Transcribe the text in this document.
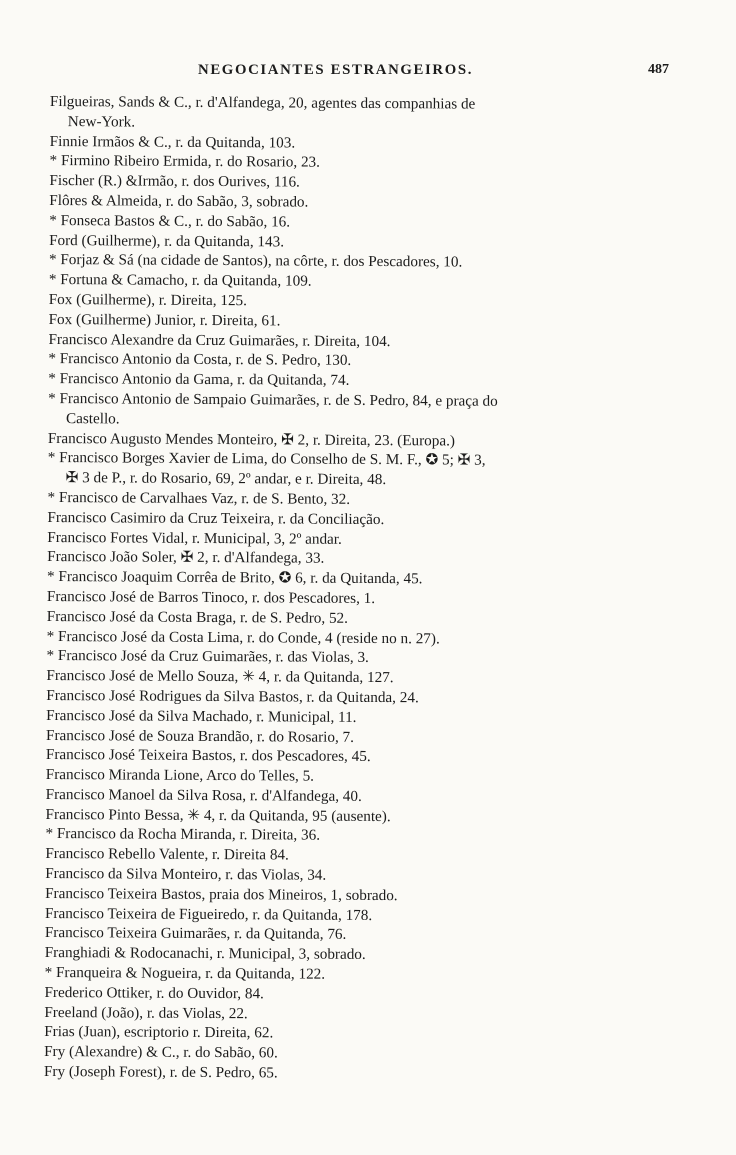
NEGOCIANTES ESTRANGEIROS.	487
Filgueiras, Sands & C., r. d'Alfandega, 20, agentes das companhias de
New-York.
Finnie Irmãos & C., r. da Quitanda, 103.
* Firmino Ribeiro Ermida, r. do Rosario, 23.
Fischer (R.) &Irmão, r. dos Ourives, 116.
Flôres & Almeida, r. do Sabão, 3, sobrado.
* Fonseca Bastos & C., r. do Sabão, 16.
Ford (Guilherme), r. da Quitanda, 143.
* Forjaz & Sá (na cidade de Santos), na côrte, r. dos Pescadores, 10.
* Fortuna & Camacho, r. da Quitanda, 109.
Fox (Guilherme), r. Direita, 125.
Fox (Guilherme) Junior, r. Direita, 61.
Francisco Alexandre da Cruz Guimarães, r. Direita, 104.
* Francisco Antonio da Costa, r. de S. Pedro, 130.
* Francisco Antonio da Gama, r. da Quitanda, 74.
* Francisco Antonio de Sampaio Guimarães, r. de S. Pedro, 84, e praça do
Castello.
Francisco Augusto Mendes Monteiro, ✠ 2, r. Direita, 23. (Europa.)
* Francisco Borges Xavier de Lima, do Conselho de S. M. F., ✪ 5; ✠ 3,
✠ 3 de P., r. do Rosario, 69, 2º andar, e r. Direita, 48.
* Francisco de Carvalhaes Vaz, r. de S. Bento, 32.
Francisco Casimiro da Cruz Teixeira, r. da Conciliação.
Francisco Fortes Vidal, r. Municipal, 3, 2º andar.
Francisco João Soler, ✠ 2, r. d'Alfandega, 33.
* Francisco Joaquim Corrêa de Brito, ✪ 6, r. da Quitanda, 45.
Francisco José de Barros Tinoco, r. dos Pescadores, 1.
Francisco José da Costa Braga, r. de S. Pedro, 52.
* Francisco José da Costa Lima, r. do Conde, 4 (reside no n. 27).
* Francisco José da Cruz Guimarães, r. das Violas, 3.
Francisco José de Mello Souza, ✳ 4, r. da Quitanda, 127.
Francisco José Rodrigues da Silva Bastos, r. da Quitanda, 24.
Francisco José da Silva Machado, r. Municipal, 11.
Francisco José de Souza Brandão, r. do Rosario, 7.
Francisco José Teixeira Bastos, r. dos Pescadores, 45.
Francisco Miranda Lione, Arco do Telles, 5.
Francisco Manoel da Silva Rosa, r. d'Alfandega, 40.
Francisco Pinto Bessa, ✳ 4, r. da Quitanda, 95 (ausente).
* Francisco da Rocha Miranda, r. Direita, 36.
Francisco Rebello Valente, r. Direita 84.
Francisco da Silva Monteiro, r. das Violas, 34.
Francisco Teixeira Bastos, praia dos Mineiros, 1, sobrado.
Francisco Teixeira de Figueiredo, r. da Quitanda, 178.
Francisco Teixeira Guimarães, r. da Quitanda, 76.
Franghiadi & Rodocanachi, r. Municipal, 3, sobrado.
* Franqueira & Nogueira, r. da Quitanda, 122.
Frederico Ottiker, r. do Ouvidor, 84.
Freeland (João), r. das Violas, 22.
Frias (Juan), escriptorio r. Direita, 62.
Fry (Alexandre) & C., r. do Sabão, 60.
Fry (Joseph Forest), r. de S. Pedro, 65.
